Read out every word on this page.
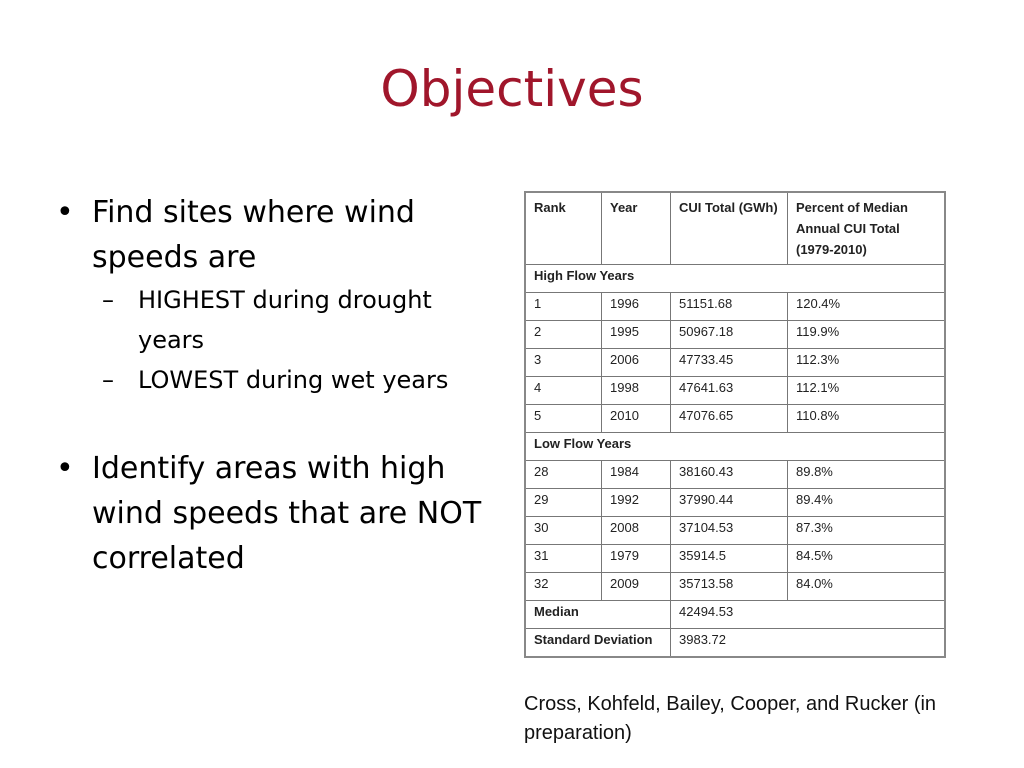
Objectives
• Find sites where wind speeds are
–	HIGHEST during drought years
–	LOWEST during wet years
• Identify areas with high wind speeds that are NOT correlated
Rank	Year	CUI Total (GWh)	Percent of Median Annual CUI Total (1979-2010)
High Flow Years			
1	1996	51151.68	120.4%
2	1995	50967.18	119.9%
3	2006	47733.45	112.3%
4	1998	47641.63	112.1%
5	2010	47076.65	110.8%
Low Flow Years			
28	1984	38160.43	89.8%
29	1992	37990.44	89.4%
30	2008	37104.53	87.3%
31	1979	35914.5	84.5%
32	2009	35713.58	84.0%
Median		42494.53	
Standard Deviation		3983.72	
Cross, Kohfeld, Bailey, Cooper, and Rucker (in preparation)
